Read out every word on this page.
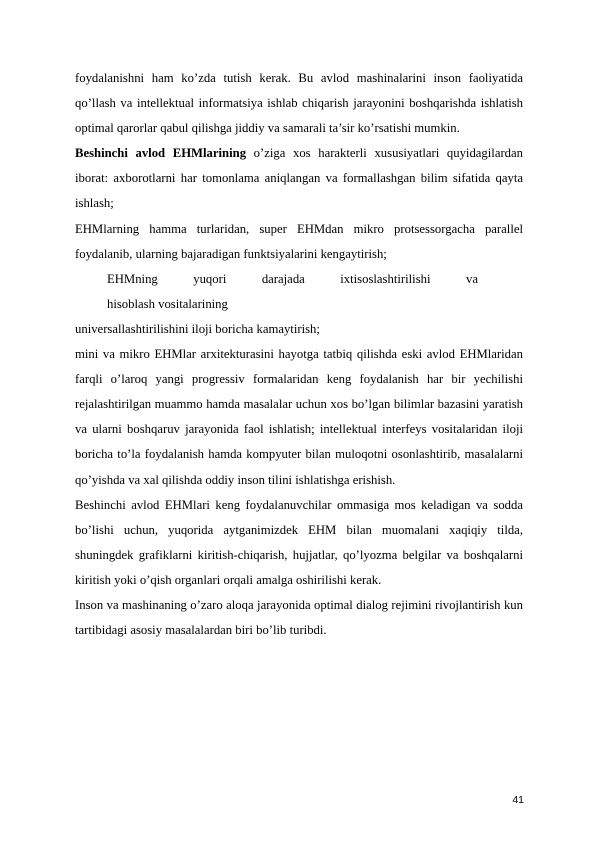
foydalanishni ham ko’zda tutish kerak. Bu avlod mashinalarini inson faoliyatida qo’llash va intellektual informatsiya ishlab chiqarish jarayonini boshqarishda ishlatish optimal qarorlar qabul qilishga jiddiy va samarali ta’sir ko’rsatishi mumkin.

Beshinchi avlod EHMlarining o’ziga xos harakterli xususiyatlari quyidagilardan iborat: axborotlarni har tomonlama aniqlangan va formallashgan bilim sifatida qayta ishlash;

EHMlarning hamma turlaridan, super EHMdan mikro protsessorgacha parallel foydalanib, ularning bajaradigan funktsiyalarini kengaytirish;

EHMning	yuqori	darajada	ixtisoslashtirilishi	va
hisoblash vositalarining
universallashtirilishini iloji boricha kamaytirish;

mini va mikro EHMlar arxitekturasini hayotga tatbiq qilishda eski avlod EHMlaridan farqli o’laroq yangi progressiv formalaridan keng foydalanish har bir yechilishi rejalashtirilgan muammo hamda masalalar uchun xos bo’lgan bilimlar bazasini yaratish va ularni boshqaruv jarayonida faol ishlatish; intellektual interfeys vositalaridan iloji boricha to’la foydalanish hamda kompyuter bilan muloqotni osonlashtirib, masalalarni qo’yishda va xal qilishda oddiy inson tilini ishlatishga erishish.

Beshinchi avlod EHMlari keng foydalanuvchilar ommasiga mos keladigan va sodda bo’lishi uchun, yuqorida aytganimizdek EHM bilan muomalani xaqiqiy tilda, shuningdek grafiklarni kiritish-chiqarish, hujjatlar, qo’lyozma belgilar va boshqalarni kiritish yoki o’qish organlari orqali amalga oshirilishi kerak.

Inson va mashinaning o’zaro aloqa jarayonida optimal dialog rejimini rivojlantirish kun tartibidagi asosiy masalalardan biri bo’lib turibdi.

41
